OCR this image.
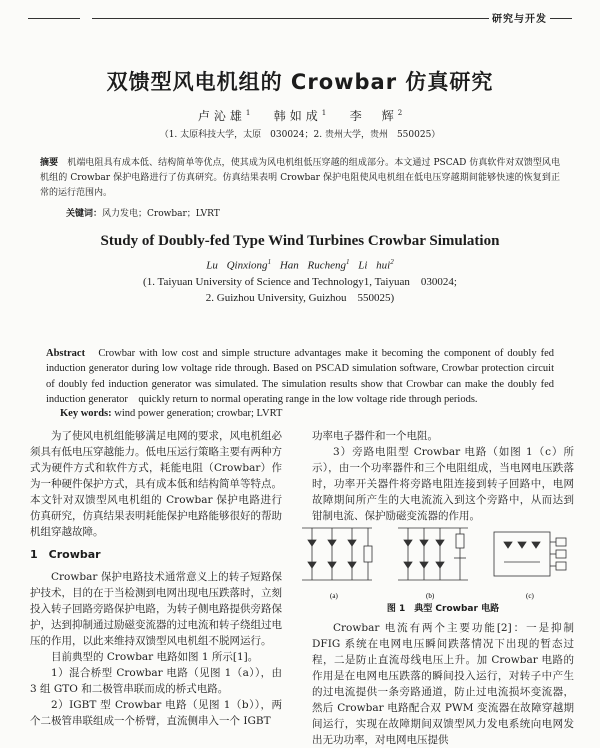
研究与开发
双馈型风电机组的 Crowbar 仿真研究
卢沁雄$^1$ 韩如成$^1$ 李　辉$^2$
（1. 太原科技大学，太原　030024；2. 贵州大学，贵州　550025）
摘要　机端电阻具有成本低、结构简单等优点，使其成为风电机组低压穿越的组成部分。本文通过 PSCAD 仿真软件对双馈型风电机组的 Crowbar 保护电路进行了仿真研究。仿真结果表明 Crowbar 保护电阻使风电机组在低电压穿越期间能够快速的恢复到正常的运行范围内。
关键词：风力发电；Crowbar；LVRT
Study of Doubly-fed Type Wind Turbines Crowbar Simulation
Lu Qinxiong$^1$ Han Rucheng$^1$ Li hui$^2$
(1. Taiyuan University of Science and Technology1, Taiyuan　030024;
2. Guizhou University, Guizhou　550025)
Abstract　Crowbar with low cost and simple structure advantages make it becoming the component of doubly fed induction generator during low voltage ride through. Based on PSCAD simulation software, Crowbar protection circuit of doubly fed induction generator was simulated. The simulation results show that Crowbar can make the doubly fed induction generator　quickly return to normal operating range in the low voltage ride through periods.
Key words: wind power generation; crowbar; LVRT

为了使风电机组能够满足电网的要求，风电机组必须具有低电压穿越能力。低电压运行策略主要有两种方式为硬件方式和软件方式，耗能电阻（Crowbar）作为一种硬件保护方式，具有成本低和结构简单等特点。本文针对双馈型风电机组的 Crowbar 保护电路进行仿真研究，仿真结果表明耗能保护电路能够很好的帮助机组穿越故障。

1　Crowbar

Crowbar 保护电路技术通常意义上的转子短路保护技术，目的在于当检测到电网出现电压跌落时，立刻投入转子回路旁路保护电路，为转子侧电路提供旁路保护，达到抑制通过励磁变流器的过电流和转子绕组过电压的作用，以此来维持双馈型风电机组不脱网运行。

目前典型的 Crowbar 电路如图 1 所示[1]。

1）混合桥型 Crowbar 电路（见图 1（a）），由 3 组 GTO 和二极管串联而成的桥式电路。

2）IGBT 型 Crowbar 电路（见图 1（b）），两个二极管串联组成一个桥臂，直流侧串入一个 IGBT

功率电子器件和一个电阻。

3）旁路电阻型 Crowbar 电路（如图 1（c）所示），由一个功率器件和三个电阻组成，当电网电压跌落时，功率开关器件将旁路电阻连接到转子回路中，电网故障期间所产生的大电流流入到这个旁路中，从而达到钳制电流、保护励磁变流器的作用。

(a)	(b)	(c)
图 1　典型 Crowbar 电路

Crowbar 电流有两个主要功能[2]：一是抑制 DFIG 系统在电网电压瞬间跌落情况下出现的暂态过程，二是防止直流母线电压上升。加 Crowbar 电路的作用是在电网电压跌落的瞬间投入运行，对转子中产生的过电流提供一条旁路通道，防止过电流损坏变流器，然后 Crowbar 电路配合双 PWM 变流器在故障穿越期间运行，实现在故障期间双馈型风力发电系统向电网发出无功功率，对电网电压提供
